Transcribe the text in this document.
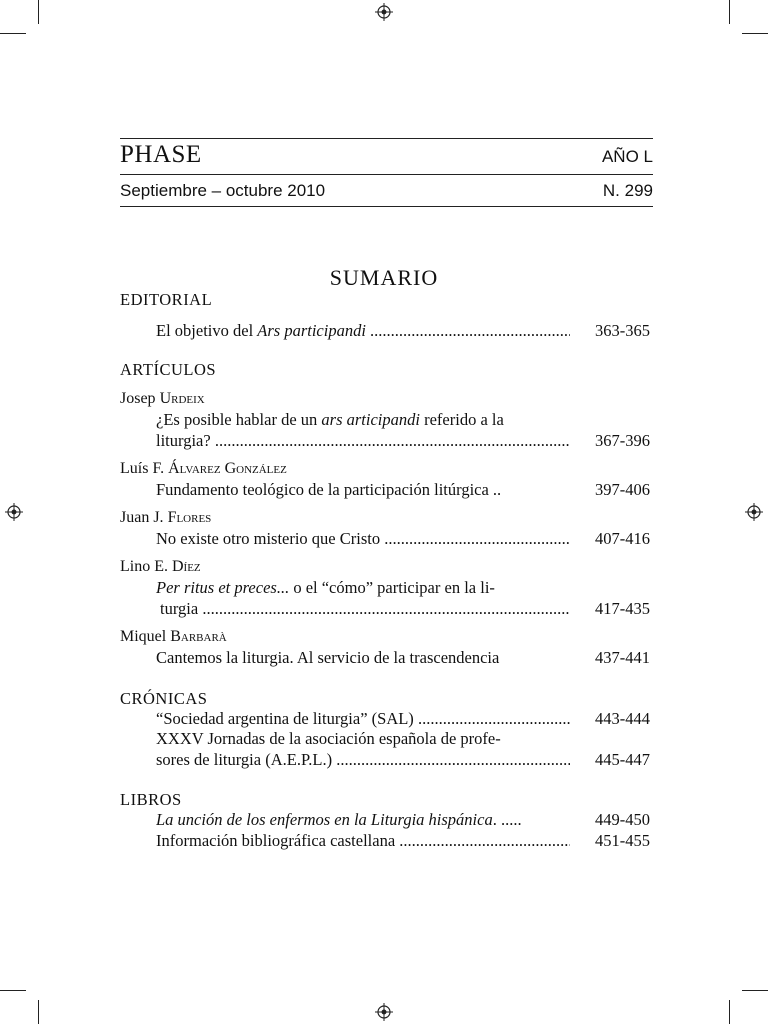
PHASE	AÑO L
Septiembre – octubre 2010	N. 299
SUMARIO
EDITORIAL
El objetivo del Ars participandi .....	363-365
ARTÍCULOS
Josep Urdeix
¿Es posible hablar de un ars articipandi referido a la
liturgia? .....	367-396
Luís F. Álvarez González
Fundamento teológico de la participación litúrgica ..	397-406
Juan J. Flores
No existe otro misterio que Cristo .....	407-416
Lino E. Díez
Per ritus et preces... o el “cómo” participar en la li-
turgia .....	417-435
Miquel Barbarà
Cantemos la liturgia. Al servicio de la trascendencia	437-441
CRÓNICAS
“Sociedad argentina de liturgia” (SAL) .....	443-444
XXXV Jornadas de la asociación española de profe-
sores de liturgia (A.E.P.L.) .....	445-447
LIBROS
La unción de los enfermos en la Liturgia hispánica. .....	449-450
Información bibliográfica castellana .....	451-455
